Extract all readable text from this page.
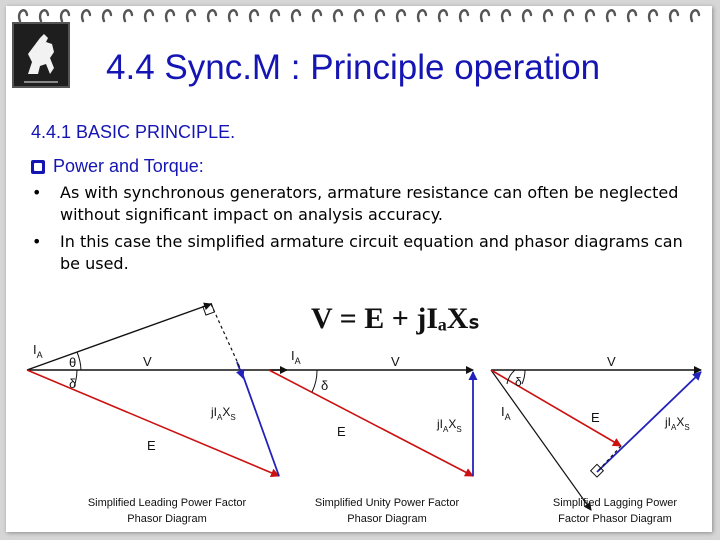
4.4 Sync.M : Principle operation
4.4.1 BASIC PRINCIPLE.
Power and Torque:
• As with synchronous generators, armature resistance can often be neglected without significant impact on analysis accuracy.
• In this case the simplified armature circuit equation and phasor diagrams can be used.
V = E + jIₐXₛ
$I_A$ θ
δ
V
E
$jI_AX_S$
Simplified Leading Power Factor
Phasor Diagram
$I_A$
δ
V
E	$jI_AX_S$
Simplified Unity Power Factor
Phasor Diagram
δ
$I_A$
V
E	$jI_AX_S$
Simplified Lagging Power
Factor Phasor Diagram
